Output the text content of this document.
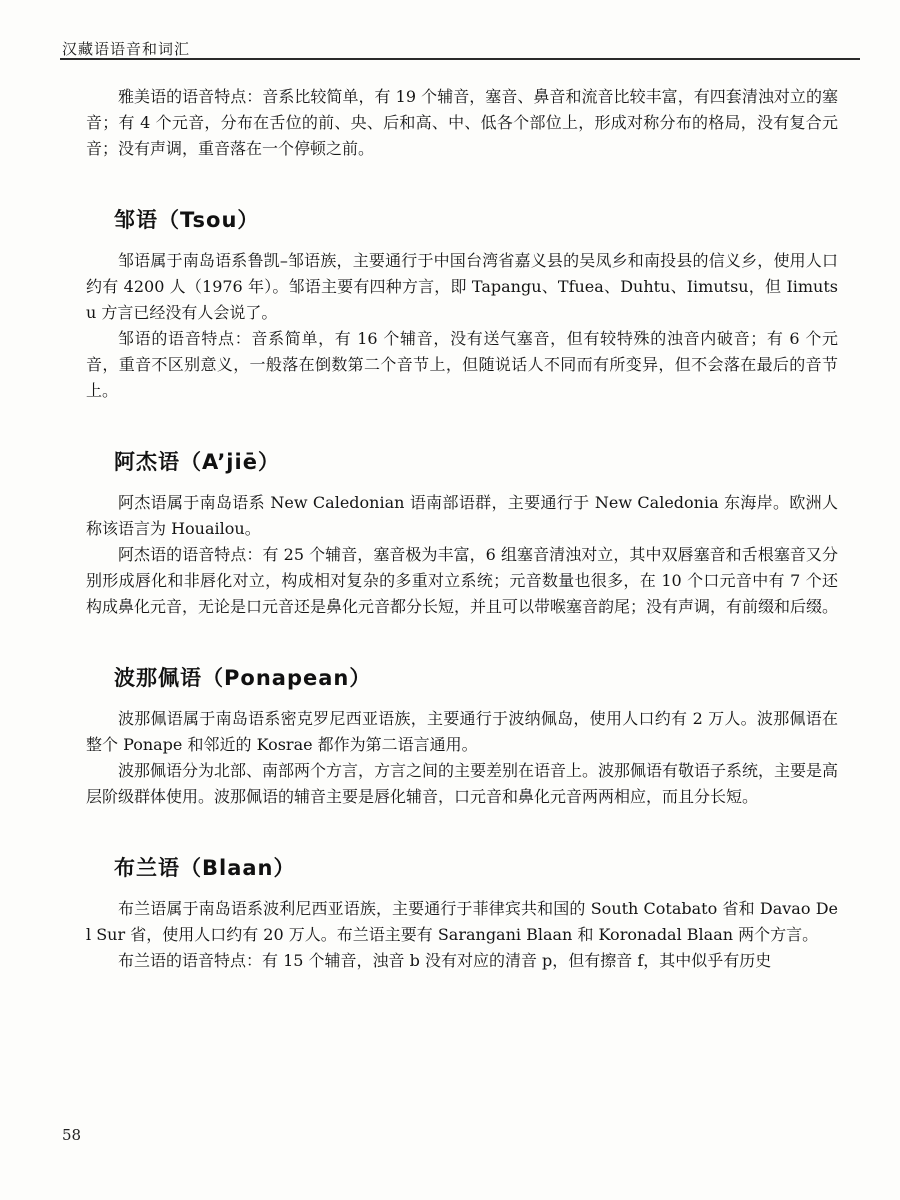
汉藏语语音和词汇

雅美语的语音特点：音系比较简单，有 19 个辅音，塞音、鼻音和流音比较丰富，有四套清浊对立的塞音；有 4 个元音，分布在舌位的前、央、后和高、中、低各个部位上，形成对称分布的格局，没有复合元音；没有声调，重音落在一个停顿之前。

邹语（Tsou）

邹语属于南岛语系鲁凯–邹语族，主要通行于中国台湾省嘉义县的吴凤乡和南投县的信义乡，使用人口约有 4200 人（1976 年）。邹语主要有四种方言，即 Tapangu、Tfuea、Duhtu、Iimutsu，但 Iimutsu 方言已经没有人会说了。

邹语的语音特点：音系简单，有 16 个辅音，没有送气塞音，但有较特殊的浊音内破音；有 6 个元音，重音不区别意义，一般落在倒数第二个音节上，但随说话人不同而有所变异，但不会落在最后的音节上。

阿杰语（A’jiē）

阿杰语属于南岛语系 New Caledonian 语南部语群，主要通行于 New Caledonia 东海岸。欧洲人称该语言为 Houailou。

阿杰语的语音特点：有 25 个辅音，塞音极为丰富，6 组塞音清浊对立，其中双唇塞音和舌根塞音又分别形成唇化和非唇化对立，构成相对复杂的多重对立系统；元音数量也很多，在 10 个口元音中有 7 个还构成鼻化元音，无论是口元音还是鼻化元音都分长短，并且可以带喉塞音韵尾；没有声调，有前缀和后缀。

波那佩语（Ponapean）

波那佩语属于南岛语系密克罗尼西亚语族，主要通行于波纳佩岛，使用人口约有 2 万人。波那佩语在整个 Ponape 和邻近的 Kosrae 都作为第二语言通用。

波那佩语分为北部、南部两个方言，方言之间的主要差别在语音上。波那佩语有敬语子系统，主要是高层阶级群体使用。波那佩语的辅音主要是唇化辅音，口元音和鼻化元音两两相应，而且分长短。

布兰语（Blaan）

布兰语属于南岛语系波利尼西亚语族，主要通行于菲律宾共和国的 South Cotabato 省和 Davao Del Sur 省，使用人口约有 20 万人。布兰语主要有 Sarangani Blaan 和 Koronadal Blaan 两个方言。

布兰语的语音特点：有 15 个辅音，浊音 b 没有对应的清音 p，但有擦音 f，其中似乎有历史

58
